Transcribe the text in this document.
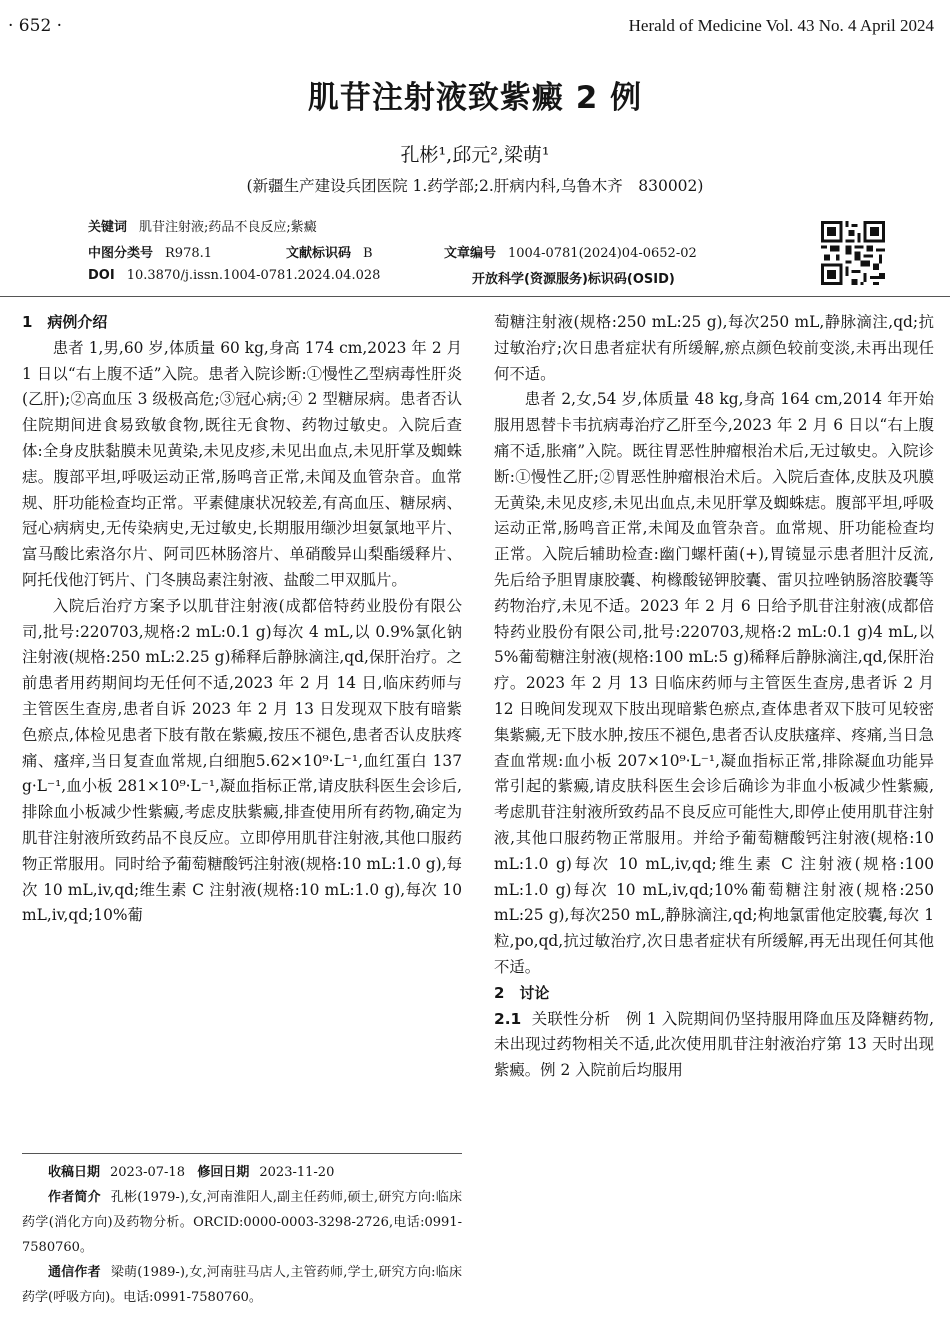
· 652 ·	Herald of Medicine Vol. 43 No. 4 April 2024
肌苷注射液致紫癜 2 例
孔彬¹,邱元²,梁萌¹
(新疆生产建设兵团医院 1.药学部;2.肝病内科,乌鲁木齐　830002)
关键词 肌苷注射液;药品不良反应;紫癜
中图分类号 R978.1	文献标识码 B	文章编号 1004-0781(2024)04-0652-02
DOI 10.3870/j.issn.1004-0781.2024.04.028	开放科学(资源服务)标识码(OSID)

1　病例介绍

患者 1,男,60 岁,体质量 60 kg,身高 174 cm,2023 年 2 月 1 日以“右上腹不适”入院。患者入院诊断:①慢性乙型病毒性肝炎(乙肝);②高血压 3 级极高危;③冠心病;④ 2 型糖尿病。患者否认住院期间进食易致敏食物,既往无食物、药物过敏史。入院后查体:全身皮肤黏膜未见黄染,未见皮疹,未见出血点,未见肝掌及蜘蛛痣。腹部平坦,呼吸运动正常,肠鸣音正常,未闻及血管杂音。血常规、肝功能检查均正常。平素健康状况较差,有高血压、糖尿病、冠心病病史,无传染病史,无过敏史,长期服用缬沙坦氨氯地平片、富马酸比索洛尔片、阿司匹林肠溶片、单硝酸异山梨酯缓释片、阿托伐他汀钙片、门冬胰岛素注射液、盐酸二甲双胍片。

入院后治疗方案予以肌苷注射液(成都倍特药业股份有限公司,批号:220703,规格:2 mL:0.1 g)每次 4 mL,以 0.9%氯化钠注射液(规格:250 mL:2.25 g)稀释后静脉滴注,qd,保肝治疗。之前患者用药期间均无任何不适,2023 年 2 月 14 日,临床药师与主管医生查房,患者自诉 2023 年 2 月 13 日发现双下肢有暗紫色瘀点,体检见患者下肢有散在紫癜,按压不褪色,患者否认皮肤疼痛、瘙痒,当日复查血常规,白细胞5.62×10⁹·L⁻¹,血红蛋白 137 g·L⁻¹,血小板 281×10⁹·L⁻¹,凝血指标正常,请皮肤科医生会诊后,排除血小板减少性紫癜,考虑皮肤紫癜,排查使用所有药物,确定为肌苷注射液所致药品不良反应。立即停用肌苷注射液,其他口服药物正常服用。同时给予葡萄糖酸钙注射液(规格:10 mL:1.0 g),每次 10 mL,iv,qd;维生素 C 注射液(规格:10 mL:1.0 g),每次 10 mL,iv,qd;10%葡

收稿日期 2023-07-18 修回日期 2023-11-20

作者简介 孔彬(1979-),女,河南淮阳人,副主任药师,硕士,研究方向:临床药学(消化方向)及药物分析。ORCID:0000-0003-3298-2726,电话:0991-7580760。

通信作者 梁萌(1989-),女,河南驻马店人,主管药师,学士,研究方向:临床药学(呼吸方向)。电话:0991-7580760。

萄糖注射液(规格:250 mL:25 g),每次250 mL,静脉滴注,qd;抗过敏治疗;次日患者症状有所缓解,瘀点颜色较前变淡,未再出现任何不适。

患者 2,女,54 岁,体质量 48 kg,身高 164 cm,2014 年开始服用恩替卡韦抗病毒治疗乙肝至今,2023 年 2 月 6 日以“右上腹痛不适,胀痛”入院。既往胃恶性肿瘤根治术后,无过敏史。入院诊断:①慢性乙肝;②胃恶性肿瘤根治术后。入院后查体,皮肤及巩膜无黄染,未见皮疹,未见出血点,未见肝掌及蜘蛛痣。腹部平坦,呼吸运动正常,肠鸣音正常,未闻及血管杂音。血常规、肝功能检查均正常。入院后辅助检查:幽门螺杆菌(+),胃镜显示患者胆汁反流,先后给予胆胃康胶囊、枸橼酸铋钾胶囊、雷贝拉唑钠肠溶胶囊等药物治疗,未见不适。2023 年 2 月 6 日给予肌苷注射液(成都倍特药业股份有限公司,批号:220703,规格:2 mL:0.1 g)4 mL,以 5%葡萄糖注射液(规格:100 mL:5 g)稀释后静脉滴注,qd,保肝治疗。2023 年 2 月 13 日临床药师与主管医生查房,患者诉 2 月 12 日晚间发现双下肢出现暗紫色瘀点,查体患者双下肢可见较密集紫癜,无下肢水肿,按压不褪色,患者否认皮肤瘙痒、疼痛,当日急查血常规:血小板 207×10⁹·L⁻¹,凝血指标正常,排除凝血功能异常引起的紫癜,请皮肤科医生会诊后确诊为非血小板减少性紫癜,考虑肌苷注射液所致药品不良反应可能性大,即停止使用肌苷注射液,其他口服药物正常服用。并给予葡萄糖酸钙注射液(规格:10 mL:1.0 g)每次 10 mL,iv,qd;维生素 C 注射液(规格:100 mL:1.0 g)每次 10 mL,iv,qd;10%葡萄糖注射液(规格:250 mL:25 g),每次250 mL,静脉滴注,qd;枸地氯雷他定胶囊,每次 1 粒,po,qd,抗过敏治疗,次日患者症状有所缓解,再无出现任何其他不适。

2　讨论

2.1 关联性分析 例 1 入院期间仍坚持服用降血压及降糖药物,未出现过药物相关不适,此次使用肌苷注射液治疗第 13 天时出现紫癜。例 2 入院前后均服用
